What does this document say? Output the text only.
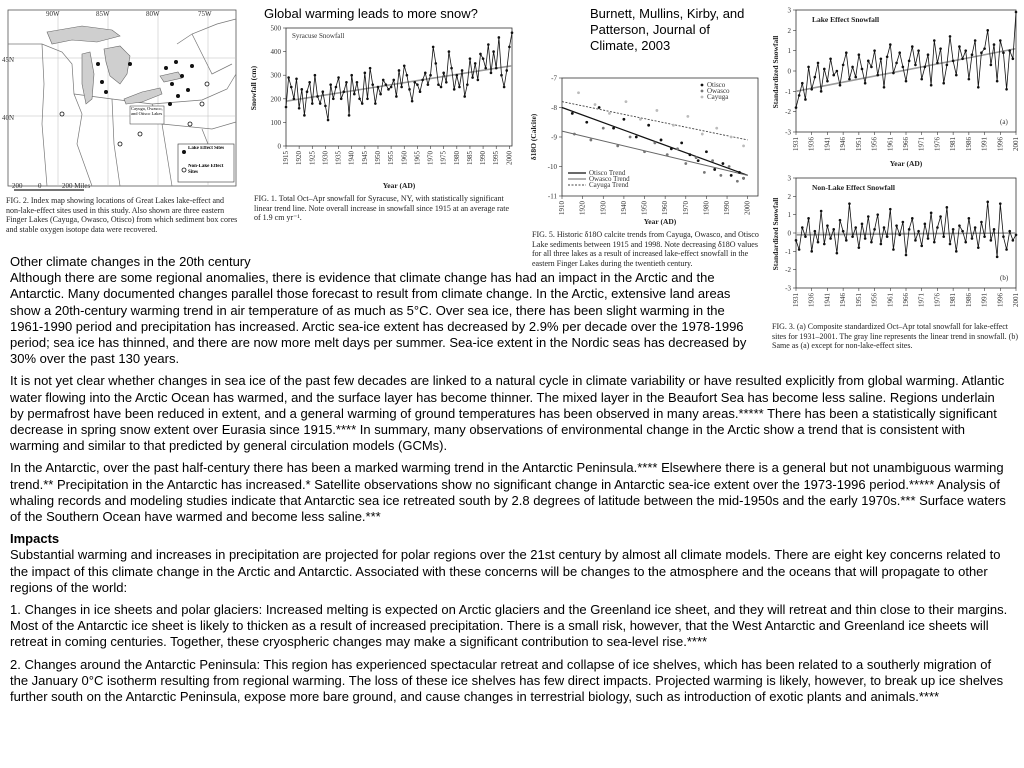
90W	85W	80W	75W
45N
40N
Cayuga, Owasco, and Otisco Lakes
Lake Effect Sites
Non-Lake Effect Sites
200 0	200 Miles
FIG. 2. Index map showing locations of Great Lakes lake-effect and non-lake-effect sites used in this study. Also shown are three eastern Finger Lakes (Cayuga, Owasco, Otisco) from which sediment box cores and stable oxygen isotope data were recovered.
Global warming leads to more snow?
500
400
300
200
100
0
1915 1920 1925 1930 1935 1940 1945 1950 1955 1960 1965 1970 1975 1980 1985 1990 1995 2000
Syracuse Snowfall
Snowfall (cm)
Year (AD)
FIG. 1. Total Oct–Apr snowfall for Syracuse, NY, with statistically significant linear trend line. Note overall increase in snowfall since 1915 at an average rate of 1.9 cm yr⁻¹.
Burnett, Mullins, Kirby, and Patterson, Journal of Climate, 2003
-7
-8
-9
-10
-11
1910 1920 1930 1940 1950 1960 1970 1980 1990 2000
Otisco
Owasco
Cayuga
Otisco Trend
Owasco Trend
Cayuga Trend
δ18O (Calcite)
Year (AD)
FIG. 5. Historic δ18O calcite trends from Cayuga, Owasco, and Otisco Lake sediments between 1915 and 1998. Note decreasing δ18O values for all three lakes as a result of increased lake-effect snowfall in the eastern Finger Lakes during the twentieth century.
3
2
1
0
-1
-2
-3
1931 1936 1941 1946 1951 1956 1961 1966 1971 1976 1981 1986 1991 1996 2001
Lake Effect Snowfall
(a)
Standardized Snowfall
Year (AD)
3
2
1
0
-1
-2
-3
1931 1936 1941 1946 1951 1956 1961 1966 1971 1976 1981 1986 1991 1996 2001
Non-Lake Effect Snowfall
(b)
Standardized Snowfall
FIG. 3. (a) Composite standardized Oct–Apr total snowfall for lake-effect sites for 1931–2001. The gray line represents the linear trend in snowfall. (b) Same as (a) except for non-lake-effect sites.
Other climate changes in the 20th century

Although there are some regional anomalies, there is evidence that climate change has had an impact in the Arctic and the Antarctic. Many documented changes parallel those forecast to result from climate change. In the Arctic, extensive land areas show a 20th-century warming trend in air temperature of as much as 5°C. Over sea ice, there has been slight warming in the 1961-1990 period and precipitation has increased. Arctic sea-ice extent has decreased by 2.9% per decade over the 1978-1996 period; sea ice has thinned, and there are now more melt days per summer. Sea-ice extent in the Nordic seas has decreased by 30% over the past 130 years.

It is not yet clear whether changes in sea ice of the past few decades are linked to a natural cycle in climate variability or have resulted explicitly from global warming. Atlantic water flowing into the Arctic Ocean has warmed, and the surface layer has become thinner. The mixed layer in the Beaufort Sea has become less saline. Regions underlain by permafrost have been reduced in extent, and a general warming of ground temperatures has been observed in many areas.***** There has been a statistically significant decrease in spring snow extent over Eurasia since 1915.**** In summary, many observations of environmental change in the Arctic show a trend that is consistent with warming and similar to that predicted by general circulation models (GCMs).

In the Antarctic, over the past half-century there has been a marked warming trend in the Antarctic Peninsula.**** Elsewhere there is a general but not unambiguous warming trend.** Precipitation in the Antarctic has increased.* Satellite observations show no significant change in Antarctic sea-ice extent over the 1973-1996 period.***** Analysis of whaling records and modeling studies indicate that Antarctic sea ice retreated south by 2.8 degrees of latitude between the mid-1950s and the early 1970s.*** Surface waters of the Southern Ocean have warmed and become less saline.***

Impacts

Substantial warming and increases in precipitation are projected for polar regions over the 21st century by almost all climate models. There are eight key concerns related to the impact of this climate change in the Arctic and Antarctic. Associated with these concerns will be changes to the atmosphere and the oceans that will propagate to other regions of the world:

1. Changes in ice sheets and polar glaciers: Increased melting is expected on Arctic glaciers and the Greenland ice sheet, and they will retreat and thin close to their margins. Most of the Antarctic ice sheet is likely to thicken as a result of increased precipitation. There is a small risk, however, that the West Antarctic and Greenland ice sheets will retreat in coming centuries. Together, these cryospheric changes may make a significant contribution to sea-level rise.****

2. Changes around the Antarctic Peninsula: This region has experienced spectacular retreat and collapse of ice shelves, which has been related to a southerly migration of the January 0°C isotherm resulting from regional warming. The loss of these ice shelves has few direct impacts. Projected warming is likely, however, to break up ice shelves further south on the Antarctic Peninsula, expose more bare ground, and cause changes in terrestrial biology, such as introduction of exotic plants and animals.****
